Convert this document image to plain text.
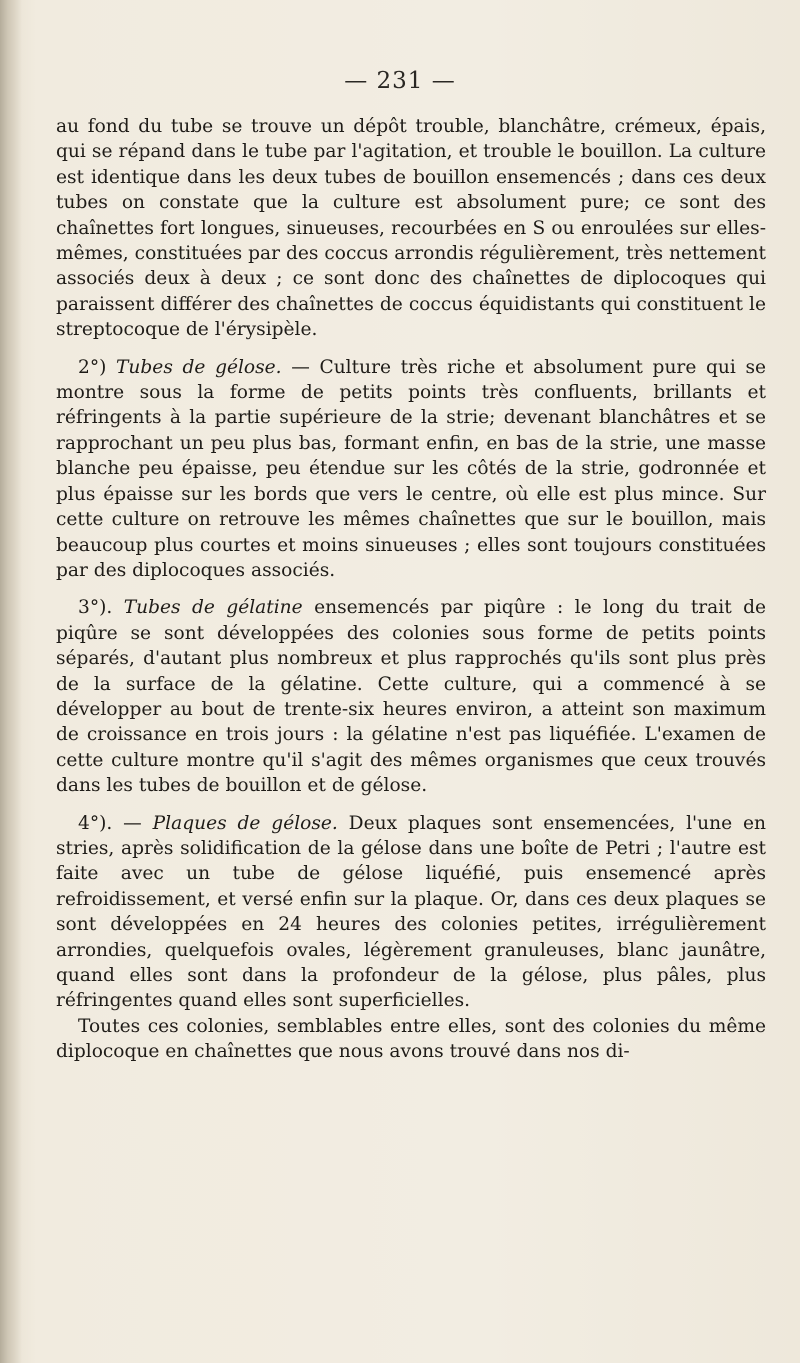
— 231 —

au fond du tube se trouve un dépôt trouble, blanchâtre, crémeux, épais, qui se répand dans le tube par l'agitation, et trouble le bouillon. La culture est identique dans les deux tubes de bouillon ensemencés ; dans ces deux tubes on constate que la culture est absolument pure; ce sont des chaînettes fort longues, sinueuses, recourbées en S ou enroulées sur elles-mêmes, constituées par des coccus arrondis régulièrement, très nettement associés deux à deux ; ce sont donc des chaînettes de diplocoques qui paraissent différer des chaînettes de coccus équidistants qui constituent le streptocoque de l'érysipèle.

2°) Tubes de gélose. — Culture très riche et absolument pure qui se montre sous la forme de petits points très confluents, brillants et réfringents à la partie supérieure de la strie; devenant blanchâtres et se rapprochant un peu plus bas, formant enfin, en bas de la strie, une masse blanche peu épaisse, peu étendue sur les côtés de la strie, godronnée et plus épaisse sur les bords que vers le centre, où elle est plus mince. Sur cette culture on retrouve les mêmes chaînettes que sur le bouillon, mais beaucoup plus courtes et moins sinueuses ; elles sont toujours constituées par des diplocoques associés.

3°). Tubes de gélatine ensemencés par piqûre : le long du trait de piqûre se sont développées des colonies sous forme de petits points séparés, d'autant plus nombreux et plus rapprochés qu'ils sont plus près de la surface de la gélatine. Cette culture, qui a commencé à se développer au bout de trente-six heures environ, a atteint son maximum de croissance en trois jours : la gélatine n'est pas liquéfiée. L'examen de cette culture montre qu'il s'agit des mêmes organismes que ceux trouvés dans les tubes de bouillon et de gélose.

4°). — Plaques de gélose. Deux plaques sont ensemencées, l'une en stries, après solidification de la gélose dans une boîte de Petri ; l'autre est faite avec un tube de gélose liquéfié, puis ensemencé après refroidissement, et versé enfin sur la plaque. Or, dans ces deux plaques se sont développées en 24 heures des colonies petites, irrégulièrement arrondies, quelquefois ovales, légèrement granuleuses, blanc jaunâtre, quand elles sont dans la profondeur de la gélose, plus pâles, plus réfringentes quand elles sont superficielles.

Toutes ces colonies, semblables entre elles, sont des colonies du même diplocoque en chaînettes que nous avons trouvé dans nos di-
